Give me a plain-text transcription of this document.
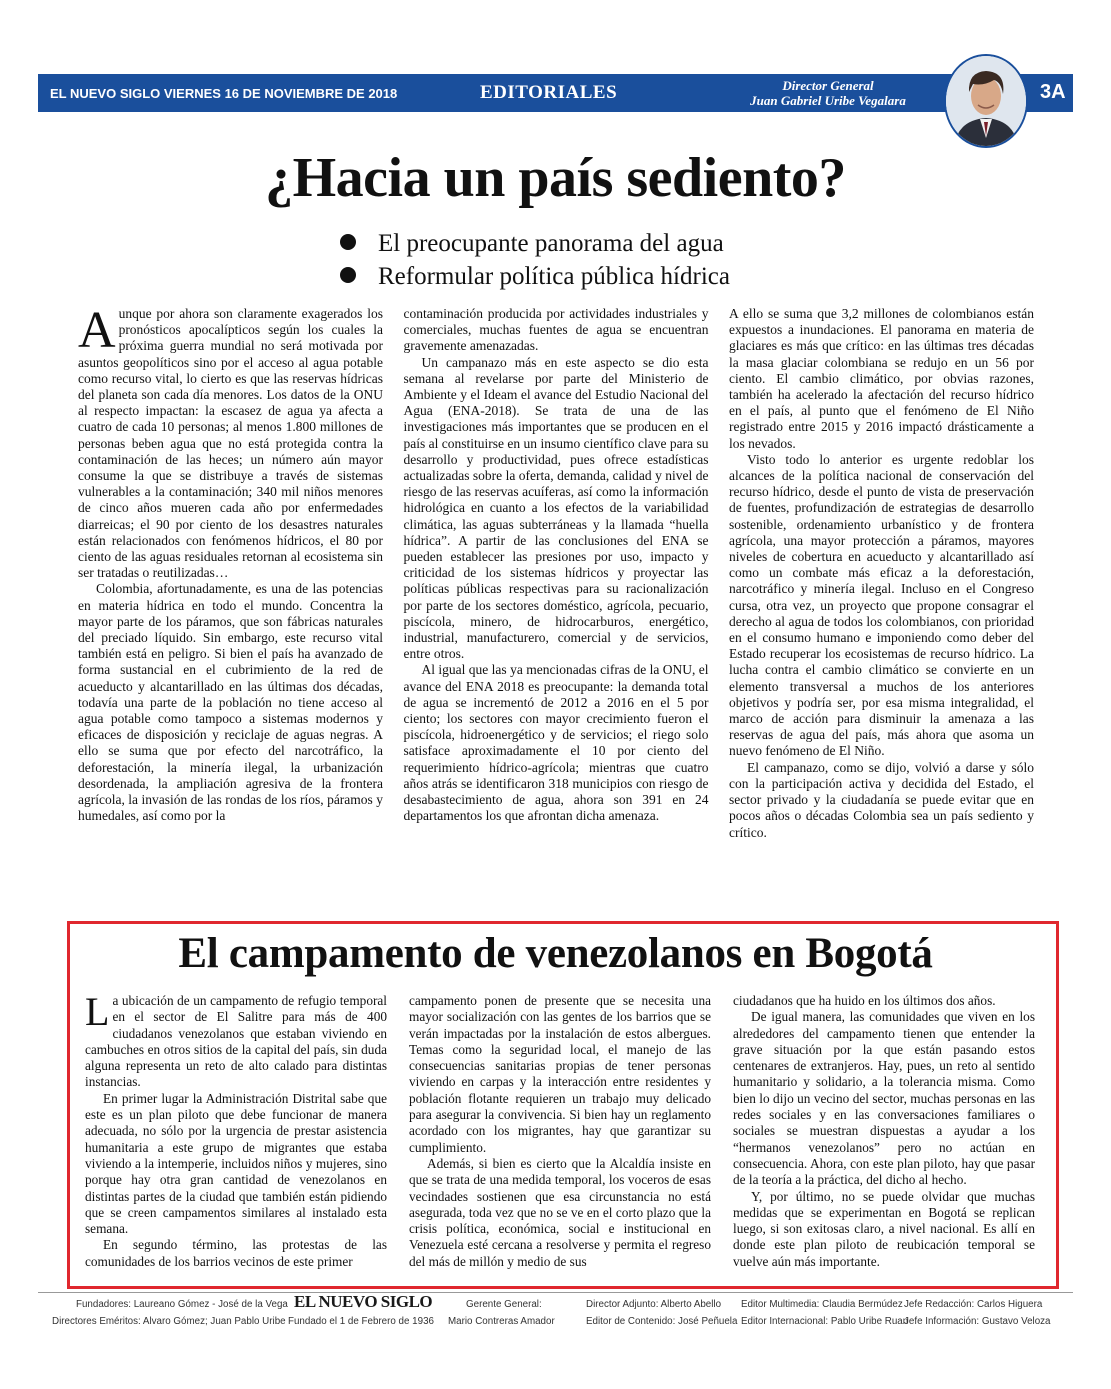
EL NUEVO SIGLO VIERNES 16 DE NOVIEMBRE DE 2018	EDITORIALES	Director General
Juan Gabriel Uribe Vegalara	3A
¿Hacia un país sediento?
El preocupante panorama del agua
Reformular política pública hídrica

Aunque por ahora son claramente exagerados los pronósticos apocalípticos según los cuales la próxima guerra mundial no será motivada por asuntos geopolíticos sino por el acceso al agua potable como recurso vital, lo cierto es que las reservas hídricas del planeta son cada día menores. Los datos de la ONU al respecto impactan: la escasez de agua ya afecta a cuatro de cada 10 personas; al menos 1.800 millones de personas beben agua que no está protegida contra la contaminación de las heces; un número aún mayor consume la que se distribuye a través de sistemas vulnerables a la contaminación; 340 mil niños menores de cinco años mueren cada año por enfermedades diarreicas; el 90 por ciento de los desastres naturales están relacionados con fenómenos hídricos, el 80 por ciento de las aguas residuales retornan al ecosistema sin ser tratadas o reutilizadas…

Colombia, afortunadamente, es una de las potencias en materia hídrica en todo el mundo. Concentra la mayor parte de los páramos, que son fábricas naturales del preciado líquido. Sin embargo, este recurso vital también está en peligro. Si bien el país ha avanzado de forma sustancial en el cubrimiento de la red de acueducto y alcantarillado en las últimas dos décadas, todavía una parte de la población no tiene acceso al agua potable como tampoco a sistemas modernos y eficaces de disposición y reciclaje de aguas negras. A ello se suma que por efecto del narcotráfico, la deforestación, la minería ilegal, la urbanización desordenada, la ampliación agresiva de la frontera agrícola, la invasión de las rondas de los ríos, páramos y humedales, así como por la

contaminación producida por actividades industriales y comerciales, muchas fuentes de agua se encuentran gravemente amenazadas.

Un campanazo más en este aspecto se dio esta semana al revelarse por parte del Ministerio de Ambiente y el Ideam el avance del Estudio Nacional del Agua (ENA-2018). Se trata de una de las investigaciones más importantes que se producen en el país al constituirse en un insumo científico clave para su desarrollo y productividad, pues ofrece estadísticas actualizadas sobre la oferta, demanda, calidad y nivel de riesgo de las reservas acuíferas, así como la información hidrológica en cuanto a los efectos de la variabilidad climática, las aguas subterráneas y la llamada “huella hídrica”. A partir de las conclusiones del ENA se pueden establecer las presiones por uso, impacto y criticidad de los sistemas hídricos y proyectar las políticas públicas respectivas para su racionalización por parte de los sectores doméstico, agrícola, pecuario, piscícola, minero, de hidrocarburos, energético, industrial, manufacturero, comercial y de servicios, entre otros.

Al igual que las ya mencionadas cifras de la ONU, el avance del ENA 2018 es preocupante: la demanda total de agua se incrementó de 2012 a 2016 en el 5 por ciento; los sectores con mayor crecimiento fueron el piscícola, hidroenergético y de servicios; el riego solo satisface aproximadamente el 10 por ciento del requerimiento hídrico-agrícola; mientras que cuatro años atrás se identificaron 318 municipios con riesgo de desabastecimiento de agua, ahora son 391 en 24 departamentos los que afrontan dicha amenaza.

A ello se suma que 3,2 millones de colombianos están expuestos a inundaciones. El panorama en materia de glaciares es más que crítico: en las últimas tres décadas la masa glaciar colombiana se redujo en un 56 por ciento. El cambio climático, por obvias razones, también ha acelerado la afectación del recurso hídrico en el país, al punto que el fenómeno de El Niño registrado entre 2015 y 2016 impactó drásticamente a los nevados.

Visto todo lo anterior es urgente redoblar los alcances de la política nacional de conservación del recurso hídrico, desde el punto de vista de preservación de fuentes, profundización de estrategias de desarrollo sostenible, ordenamiento urbanístico y de frontera agrícola, una mayor protección a páramos, mayores niveles de cobertura en acueducto y alcantarillado así como un combate más eficaz a la deforestación, narcotráfico y minería ilegal. Incluso en el Congreso cursa, otra vez, un proyecto que propone consagrar el derecho al agua de todos los colombianos, con prioridad en el consumo humano e imponiendo como deber del Estado recuperar los ecosistemas de recurso hídrico. La lucha contra el cambio climático se convierte en un elemento transversal a muchos de los anteriores objetivos y podría ser, por esa misma integralidad, el marco de acción para disminuir la amenaza a las reservas de agua del país, más ahora que asoma un nuevo fenómeno de El Niño.

El campanazo, como se dijo, volvió a darse y sólo con la participación activa y decidida del Estado, el sector privado y la ciudadanía se puede evitar que en pocos años o décadas Colombia sea un país sediento y crítico.

El campamento de venezolanos en Bogotá

La ubicación de un campamento de refugio temporal en el sector de El Salitre para más de 400 ciudadanos venezolanos que estaban viviendo en cambuches en otros sitios de la capital del país, sin duda alguna representa un reto de alto calado para distintas instancias.

En primer lugar la Administración Distrital sabe que este es un plan piloto que debe funcionar de manera adecuada, no sólo por la urgencia de prestar asistencia humanitaria a este grupo de migrantes que estaba viviendo a la intemperie, incluidos niños y mujeres, sino porque hay otra gran cantidad de venezolanos en distintas partes de la ciudad que también están pidiendo que se creen campamentos similares al instalado esta semana.

En segundo término, las protestas de las comunidades de los barrios vecinos de este primer

campamento ponen de presente que se necesita una mayor socialización con las gentes de los barrios que se verán impactadas por la instalación de estos albergues. Temas como la seguridad local, el manejo de las consecuencias sanitarias propias de tener personas viviendo en carpas y la interacción entre residentes y población flotante requieren un trabajo muy delicado para asegurar la convivencia. Si bien hay un reglamento acordado con los migrantes, hay que garantizar su cumplimiento.

Además, si bien es cierto que la Alcaldía insiste en que se trata de una medida temporal, los voceros de esas vecindades sostienen que esa circunstancia no está asegurada, toda vez que no se ve en el corto plazo que la crisis política, económica, social e institucional en Venezuela esté cercana a resolverse y permita el regreso del más de millón y medio de sus

ciudadanos que ha huido en los últimos dos años.

De igual manera, las comunidades que viven en los alrededores del campamento tienen que entender la grave situación por la que están pasando estos centenares de extranjeros. Hay, pues, un reto al sentido humanitario y solidario, a la tolerancia misma. Como bien lo dijo un vecino del sector, muchas personas en las redes sociales y en las conversaciones familiares o sociales se muestran dispuestas a ayudar a los “hermanos venezolanos” pero no actúan en consecuencia. Ahora, con este plan piloto, hay que pasar de la teoría a la práctica, del dicho al hecho.

Y, por último, no se puede olvidar que muchas medidas que se experimentan en Bogotá se replican luego, si son exitosas claro, a nivel nacional. Es allí en donde este plan piloto de reubicación temporal se vuelve aún más importante.

Fundadores: Laureano Gómez - José de la Vega
Directores Eméritos: Alvaro Gómez; Juan Pablo Uribe
EL NUEVO SIGLO
Fundado el 1 de Febrero de 1936
Gerente General:
Mario Contreras Amador
Director Adjunto: Alberto Abello
Editor de Contenido: José Peñuela
Editor Multimedia: Claudia Bermúdez
Editor Internacional: Pablo Uribe Ruan
Jefe Redacción: Carlos Higuera
Jefe Información: Gustavo Veloza
